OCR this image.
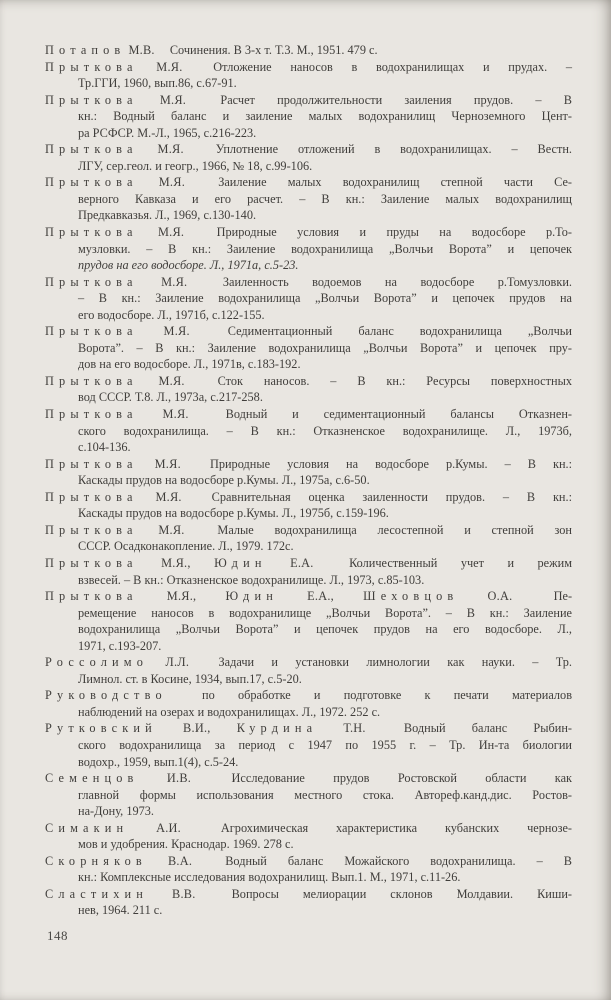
Потапов М.В. Сочинения. В 3-х т. Т.3. М., 1951. 479 с.

Прыткова М.Я. Отложение наносов в водохранилищах и прудах. –
Тр.ГГИ, 1960, вып.86, с.67-91.

Прыткова М.Я.	Расчет продолжительности заиления прудов. – В
кн.: Водный баланс и заиление малых водохранилищ Черноземного Цент-
ра РСФСР. М.-Л., 1965, с.216-223.

Прыткова М.Я.	Уплотнение отложений в водохранилищах. – Вестн.
ЛГУ, сер.геол. и геогр., 1966, № 18, с.99-106.

Прыткова М.Я.	Заиление малых водохранилищ степной части Се-
верного Кавказа и его расчет. – В кн.: Заиление малых водохранилищ
Предкавказья. Л., 1969, с.130-140.

Прыткова М.Я.	Природные условия и пруды на водосборе р.То-
музловки. – В кн.: Заиление водохранилища „Волчьи Ворота” и цепочек
прудов на его водосборе. Л., 1971а, с.5-23.

Прыткова М.Я.	Заиленность водоемов на водосборе р.Томузловки.
– В кн.: Заиление водохранилища „Волчьи Ворота” и цепочек прудов на
его водосборе. Л., 1971б, с.122-155.

Прыткова М.Я.	Седиментационный баланс водохранилища „Волчьи
Ворота”. – В кн.: Заиление водохранилища „Волчьи Ворота” и цепочек пру-
дов на его водосборе. Л., 1971в, с.183-192.

Прыткова М.Я.	Сток наносов. – В кн.: Ресурсы поверхностных
вод СССР. Т.8. Л., 1973а, с.217-258.

Прыткова М.Я.	Водный и седиментационный балансы Отказнен-
ского водохранилища. – В кн.: Отказненское водохранилище. Л., 1973б,
с.104-136.

Прыткова М.Я. Природные условия на водосборе р.Кумы. – В кн.:
Каскады прудов на водосборе р.Кумы. Л., 1975а, с.6-50.

Прыткова М.Я. Сравнительная оценка заиленности прудов. – В кн.:
Каскады прудов на водосборе р.Кумы. Л., 1975б, с.159-196.

Прыткова М.Я.	Малые водохранилища лесостепной и степной зон
СССР. Осадконакопление. Л., 1979. 172с.

Прыткова М.Я., Юдин Е.А.	Количественный учет и режим
взвесей. – В кн.: Отказненское водохранилище. Л., 1973, с.85-103.

Прыткова М.Я., Юдин Е.А., Шеховцов О.А.	Пе-
ремещение наносов в водохранилище „Волчьи Ворота”. – В кн.: Заиление
водохранилища „Волчьи Ворота” и цепочек прудов на его водосборе. Л.,
1971, с.193-207.

Россолимо Л.Л. Задачи и установки лимнологии как науки. – Тр.
Лимнол. ст. в Косине, 1934, вып.17, с.5-20.

Руководство	по обработке и подготовке к печати материалов
наблюдений на озерах и водохранилищах. Л., 1972. 252 с.

Рутковский В.И., Курдина Т.Н.	Водный баланс Рыбин-
ского водохранилища за период с 1947 по 1955 г. – Тр. Ин-та биологии
водохр., 1959, вып.1(4), с.5-24.

Семенцов И.В.	Исследование прудов Ростовской области как
главной формы использования местного стока. Автореф.канд.дис. Ростов-
на-Дону, 1973.

Симакин А.И.	Агрохимическая характеристика кубанских чернозе-
мов и удобрения. Краснодар. 1969. 278 с.

Скорняков В.А.	Водный баланс Можайского водохранилища. – В
кн.: Комплексные исследования водохранилищ. Вып.1. М., 1971, с.11-26.

Сластихин В.В.	Вопросы мелиорации склонов Молдавии. Киши-
нев, 1964. 211 с.

148
